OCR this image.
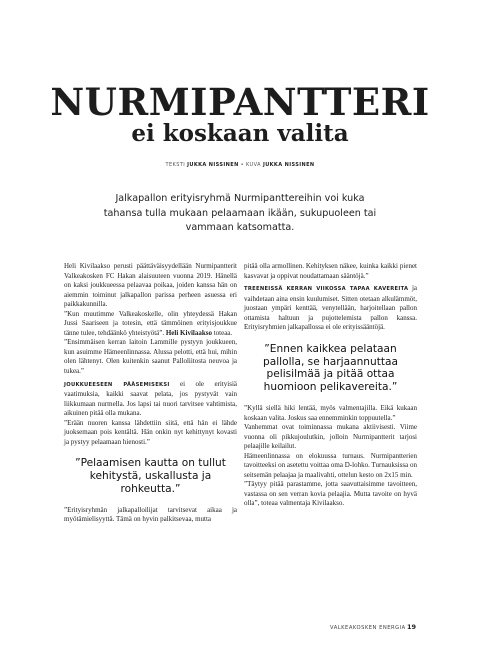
NURMIPANTTERI
ei koskaan valita
TEKSTI JUKKA NISSINEN • KUVA JUKKA NISSINEN
Jalkapallon erityisryhmä Nurmipanttereihin voi kuka tahansa tulla mukaan pelaamaan ikään, sukupuoleen tai vammaan katsomatta.

Heli Kivilaakso perusti päättäväisyydellään Nurmipantterit Valkeakosken FC Hakan alaisuuteen vuonna 2019. Hänellä on kaksi joukkueessa pelaavaa poikaa, joiden kanssa hän on aiemmin toiminut jalkapallon parissa perheen asuessa eri paikkakunnilla.

”Kun muutimme Valkeakoskelle, olin yhteydessä Hakan Jussi Saariseen ja totesin, että tämmöinen erityisjoukkue tänne tulee, tehdäänkö yhteistyötä”. Heli Kivilaakso toteaa.

”Ensimmäisen kerran laitoin Lammille pystyyn joukkueen, kun asuimme Hämeenlinnassa. Alussa pelotti, että hui, mihin olen lähtenyt. Olen kuitenkin saanut Palloliitosta neuvoa ja tukea.”

JOUKKUEESEEN PÄÄSEMISEKSI ei ole erityisiä vaatimuksia, kaikki saavat pelata, jos pystyvät vain liikkumaan nurmella. Jos lapsi tai nuori tarvitsee vahtimista, aikuinen pitää olla mukana.

”Erään nuoren kanssa lähdettiin siitä, että hän ei lähde juoksemaan pois kentältä. Hän onkin nyt kehittynyt kovasti ja pystyy pelaamaan hienosti.”

”Pelaamisen kautta on tullut kehitystä, uskallusta ja rohkeutta.”

”Erityisryhmän jalkapalloilijat tarvitsevat aikaa ja myötämielisyyttä. Tämä on hyvin palkitsevaa, mutta

pitää olla armollinen. Kehityksen näkee, kuinka kaikki pienet kasvavat ja oppivat noudattamaan sääntöjä.”

TREENEISSÄ KERRAN VIIKOSSA TAPAA KAVEREITA ja vaihdetaan aina ensin kuulumiset. Sitten otetaan alkulämmöt, juostaan ympäri kenttää, venytellään, harjoitellaan pallon ottamista haltuun ja pujottelemista pallon kanssa. Erityisryhmien jalkapallossa ei ole erityissääntöjä.

”Ennen kaikkea pelataan pallolla, se harjaannuttaa pelisilmää ja pitää ottaa huomioon pelikavereita.”

”Kyllä siellä hiki lentää, myös valmentajilla. Eikä kukaan koskaan valita. Joskus saa ennemminkin toppuutella.”

Vanhemmat ovat toiminnassa mukana aktiivisesti. Viime vuonna oli pikkujoulutkin, jolloin Nurmipantterit tarjosi pelaajille keilailut.

Hämeenlinnassa on elokuussa turnaus. Nurmipantterien tavoitteeksi on asetettu voittaa oma D-lohko. Turnauksissa on seitsemän pelaajaa ja maalivahti, ottelun kesto on 2x15 min.

”Täytyy pitää parastamme, jotta saavuttaisimme tavoitteen, vastassa on sen verran kovia pelaajia. Mutta tavoite on hyvä olla”, toteaa valmentaja Kivilaakso.

VALKEAKOSKEN ENERGIA 19
